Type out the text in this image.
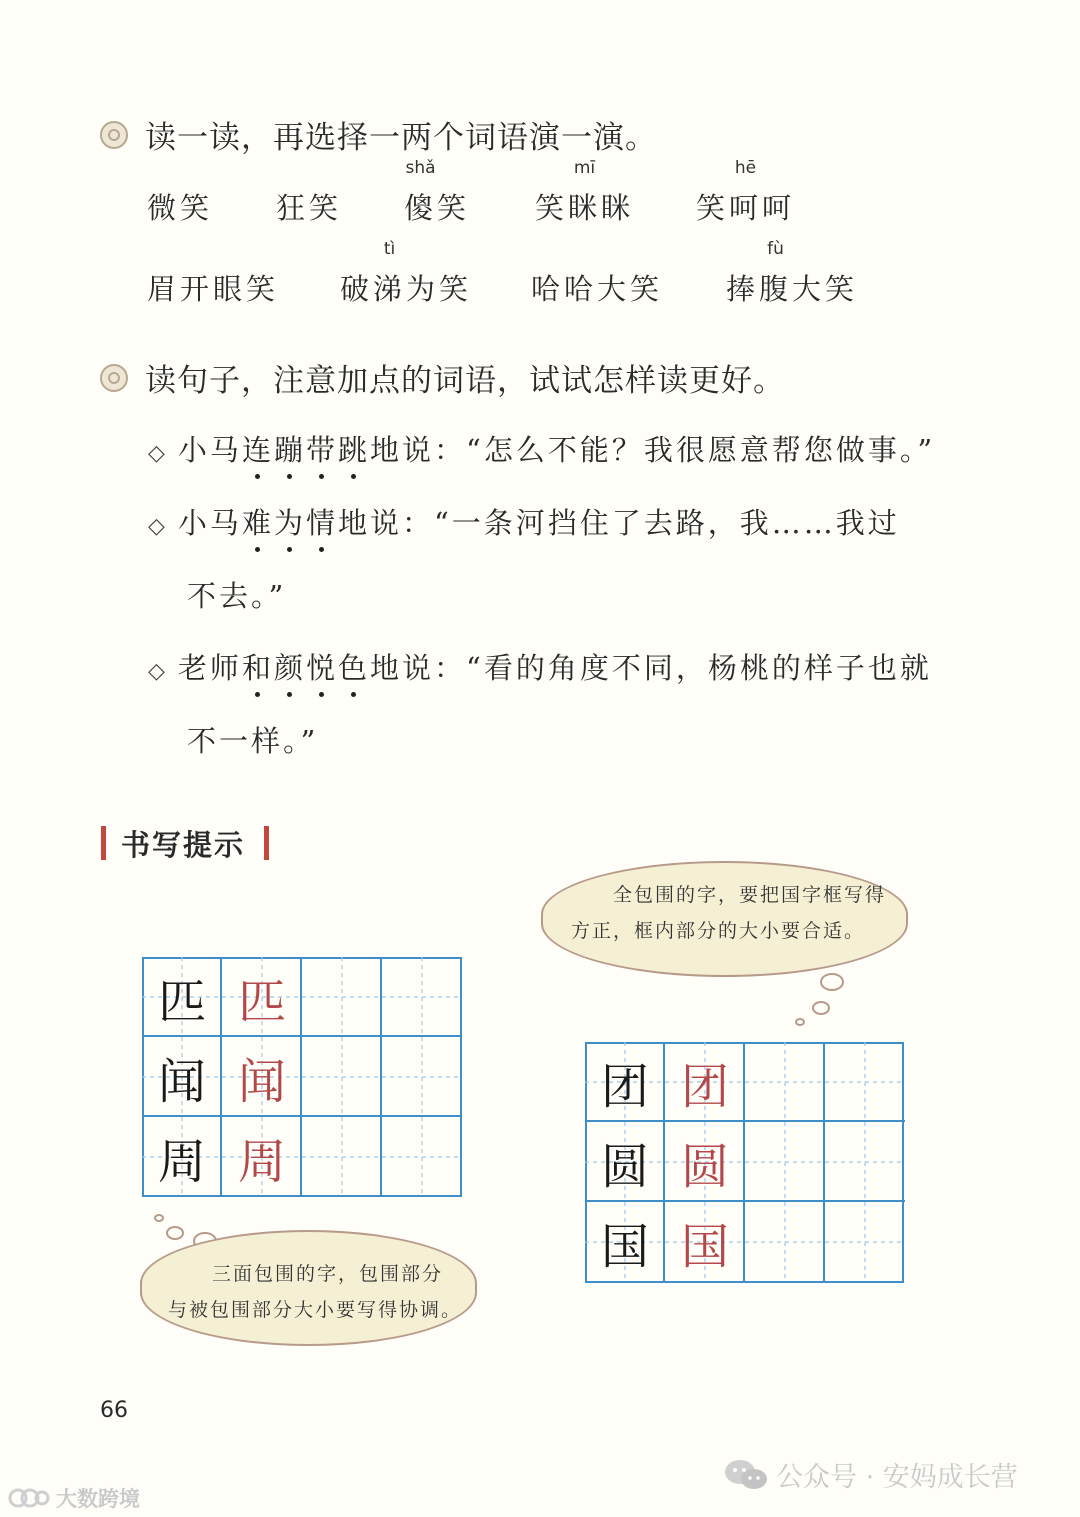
读一读，再选择一两个词语演一演。
微笑 狂笑
shǎ
傻笑 笑
mī
眯眯 笑
hē
呵呵
眉开眼笑 破
tì
涕为笑 哈哈大笑 捧
fù
腹大笑
读句子，注意加点的词语，试试怎样读更好。
◇ 小马连蹦带跳地说：“怎么不能？我很愿意帮您做事。”
◇ 小马难为情地说：“一条河挡住了去路，我……我过
不去。”
◇ 老师和颜悦色地说：“看的角度不同，杨桃的样子也就
不一样。”
书写提示
全包围的字，要把国字框写得
方正，框内部分的大小要合适。
匹 匹
闻 闻
周 周
团 团
圆 圆
国 国
三面包围的字，包围部分
与被包围部分大小要写得协调。
66
公众号 · 安妈成长营
大数跨境
